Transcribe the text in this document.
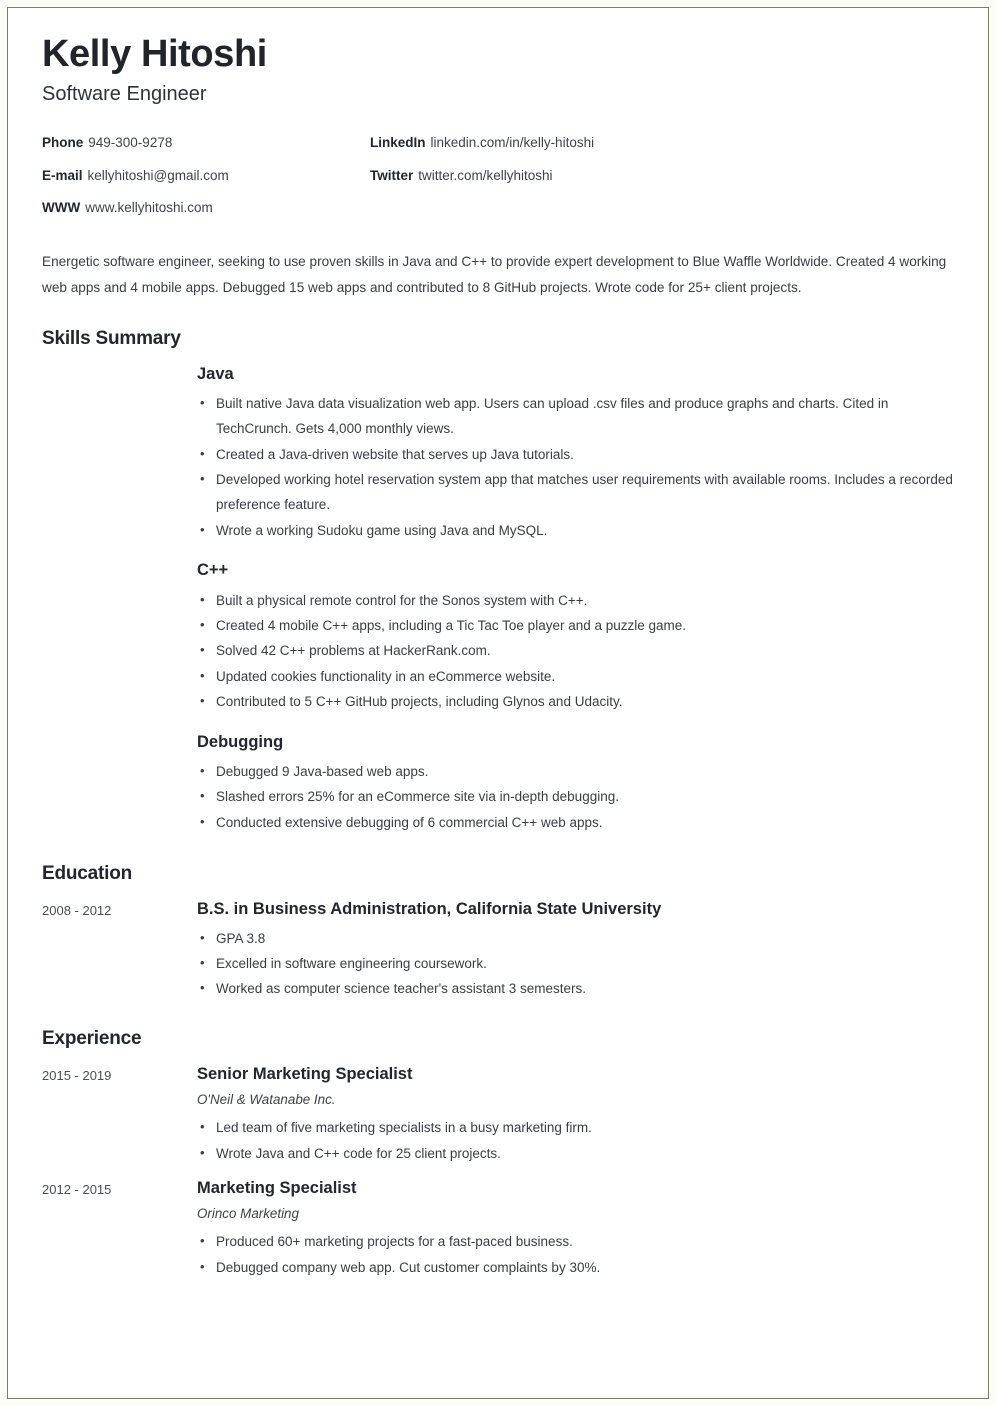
Kelly Hitoshi
Software Engineer
Phone 949-300-9278	LinkedIn linkedin.com/in/kelly-hitoshi
E-mail kellyhitoshi@gmail.com	Twitter twitter.com/kellyhitoshi
WWW www.kellyhitoshi.com

Energetic software engineer, seeking to use proven skills in Java and C++ to provide expert development to Blue Waffle Worldwide. Created 4 working web apps and 4 mobile apps. Debugged 15 web apps and contributed to 8 GitHub projects. Wrote code for 25+ client projects.

Skills Summary
Java
• Built native Java data visualization web app. Users can upload .csv files and produce graphs and charts. Cited in TechCrunch. Gets 4,000 monthly views.
• Created a Java-driven website that serves up Java tutorials.
• Developed working hotel reservation system app that matches user requirements with available rooms. Includes a recorded preference feature.
• Wrote a working Sudoku game using Java and MySQL.
C++
• Built a physical remote control for the Sonos system with C++.
• Created 4 mobile C++ apps, including a Tic Tac Toe player and a puzzle game.
• Solved 42 C++ problems at HackerRank.com.
• Updated cookies functionality in an eCommerce website.
• Contributed to 5 C++ GitHub projects, including Glynos and Udacity.
Debugging
• Debugged 9 Java-based web apps.
• Slashed errors 25% for an eCommerce site via in-depth debugging.
• Conducted extensive debugging of 6 commercial C++ web apps.
Education
2008 - 2012	B.S. in Business Administration, California State University
• GPA 3.8
• Excelled in software engineering coursework.
• Worked as computer science teacher's assistant 3 semesters.
Experience
2015 - 2019	Senior Marketing Specialist
O'Neil & Watanabe Inc.
• Led team of five marketing specialists in a busy marketing firm.
• Wrote Java and C++ code for 25 client projects.
2012 - 2015	Marketing Specialist
Orinco Marketing
• Produced 60+ marketing projects for a fast-paced business.
• Debugged company web app. Cut customer complaints by 30%.
